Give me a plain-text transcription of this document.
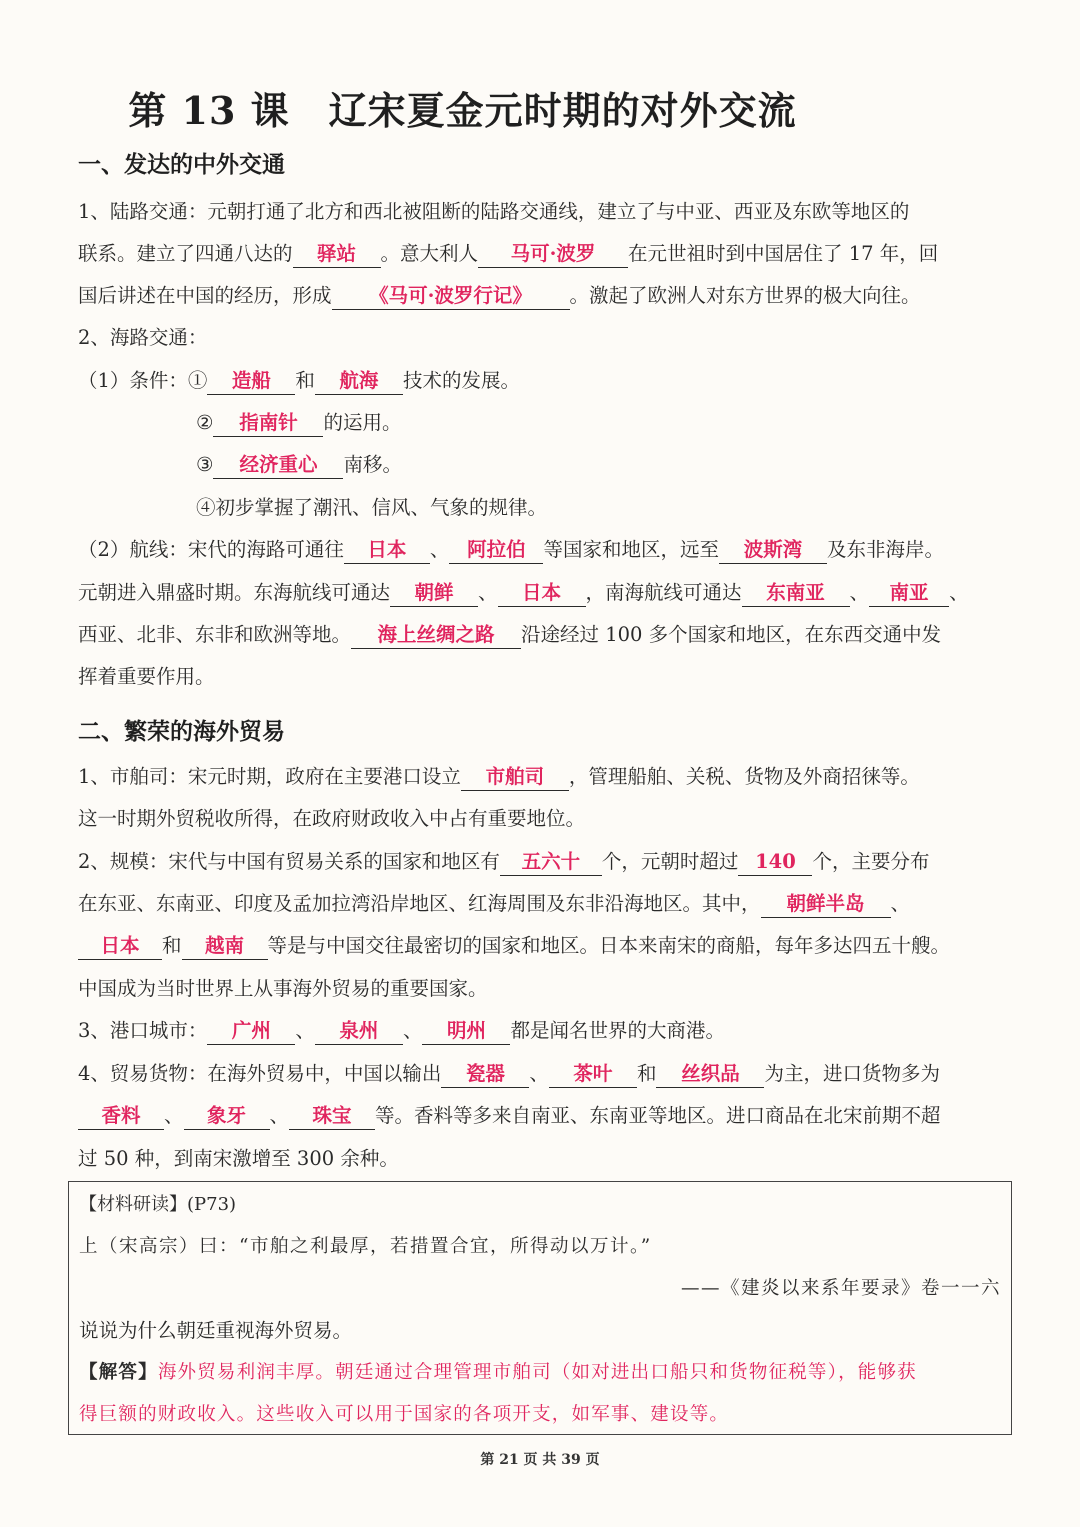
第 13 课　辽宋夏金元时期的对外交流
一、发达的中外交通
1、陆路交通：元朝打通了北方和西北被阻断的陆路交通线，建立了与中亚、西亚及东欧等地区的
联系。建立了四通八达的 驿站 。意大利人 马可·波罗 在元世祖时到中国居住了 17 年，回
国后讲述在中国的经历，形成 《马可·波罗行记》 。激起了欧洲人对东方世界的极大向往。
2、海路交通：
（1）条件：① 造船 和 航海 技术的发展。
② 指南针 的运用。
③ 经济重心 南移。
④初步掌握了潮汛、信风、气象的规律。
（2）航线：宋代的海路可通往 日本 、 阿拉伯 等国家和地区，远至 波斯湾 及东非海岸。
元朝进入鼎盛时期。东海航线可通达 朝鲜 、 日本 ，南海航线可通达 东南亚 、 南亚 、
西亚、北非、东非和欧洲等地。 海上丝绸之路 沿途经过 100 多个国家和地区，在东西交通中发
挥着重要作用。
二、繁荣的海外贸易
1、市舶司：宋元时期，政府在主要港口设立 市舶司 ，管理船舶、关税、货物及外商招徕等。
这一时期外贸税收所得，在政府财政收入中占有重要地位。
2、规模：宋代与中国有贸易关系的国家和地区有 五六十 个，元朝时超过 140 个，主要分布
在东亚、东南亚、印度及孟加拉湾沿岸地区、红海周围及东非沿海地区。其中， 朝鲜半岛 、
日本 和 越南 等是与中国交往最密切的国家和地区。日本来南宋的商船，每年多达四五十艘。
中国成为当时世界上从事海外贸易的重要国家。
3、港口城市： 广州 、 泉州 、 明州 都是闻名世界的大商港。
4、贸易货物：在海外贸易中，中国以输出 瓷器 、 茶叶 和 丝织品 为主，进口货物多为
香料 、 象牙 、 珠宝 等。香料等多来自南亚、东南亚等地区。进口商品在北宋前期不超
过 50 种，到南宋激增至 300 余种。
【材料研读】(P73)
上（宋高宗）曰：“市舶之利最厚，若措置合宜，所得动以万计。”
——《建炎以来系年要录》卷一一六
说说为什么朝廷重视海外贸易。
【解答】海外贸易利润丰厚。朝廷通过合理管理市舶司（如对进出口船只和货物征税等），能够获
得巨额的财政收入。这些收入可以用于国家的各项开支，如军事、建设等。
第 21 页 共 39 页
